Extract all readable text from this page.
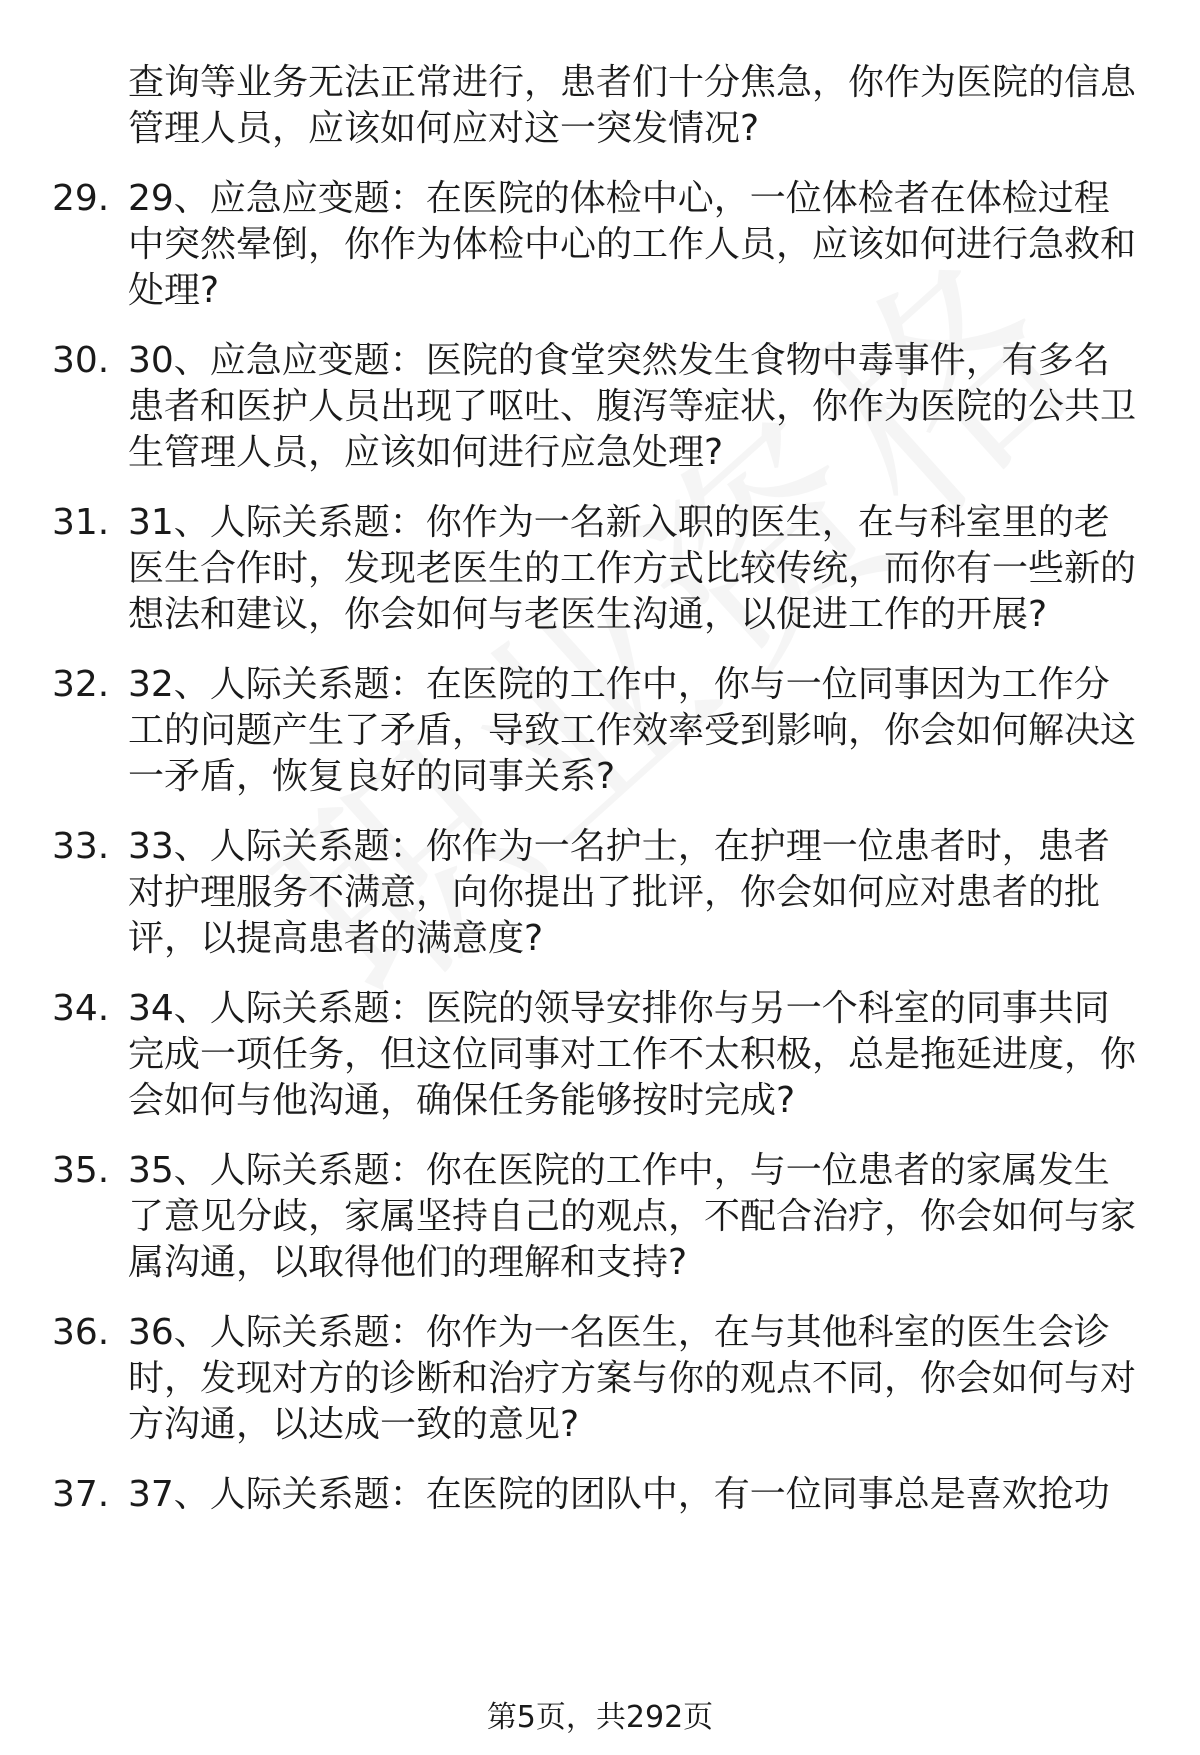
查询等业务无法正常进行，患者们十分焦急，你作为医院的信息管理人员，应该如何应对这一突发情况?
29. 29、应急应变题：在医院的体检中心，一位体检者在体检过程中突然晕倒，你作为体检中心的工作人员，应该如何进行急救和处理?
30. 30、应急应变题：医院的食堂突然发生食物中毒事件，有多名患者和医护人员出现了呕吐、腹泻等症状，你作为医院的公共卫生管理人员，应该如何进行应急处理?
31. 31、人际关系题：你作为一名新入职的医生，在与科室里的老医生合作时，发现老医生的工作方式比较传统，而你有一些新的想法和建议，你会如何与老医生沟通，以促进工作的开展?
32. 32、人际关系题：在医院的工作中，你与一位同事因为工作分工的问题产生了矛盾，导致工作效率受到影响，你会如何解决这一矛盾，恢复良好的同事关系?
33. 33、人际关系题：你作为一名护士，在护理一位患者时，患者对护理服务不满意，向你提出了批评，你会如何应对患者的批评，以提高患者的满意度?
34. 34、人际关系题：医院的领导安排你与另一个科室的同事共同完成一项任务，但这位同事对工作不太积极，总是拖延进度，你会如何与他沟通，确保任务能够按时完成?
35. 35、人际关系题：你在医院的工作中，与一位患者的家属发生了意见分歧，家属坚持自己的观点，不配合治疗，你会如何与家属沟通，以取得他们的理解和支持?
36. 36、人际关系题：你作为一名医生，在与其他科室的医生会诊时，发现对方的诊断和治疗方案与你的观点不同，你会如何与对方沟通，以达成一致的意见?
37. 37、人际关系题：在医院的团队中，有一位同事总是喜欢抢功
第5页，共292页
